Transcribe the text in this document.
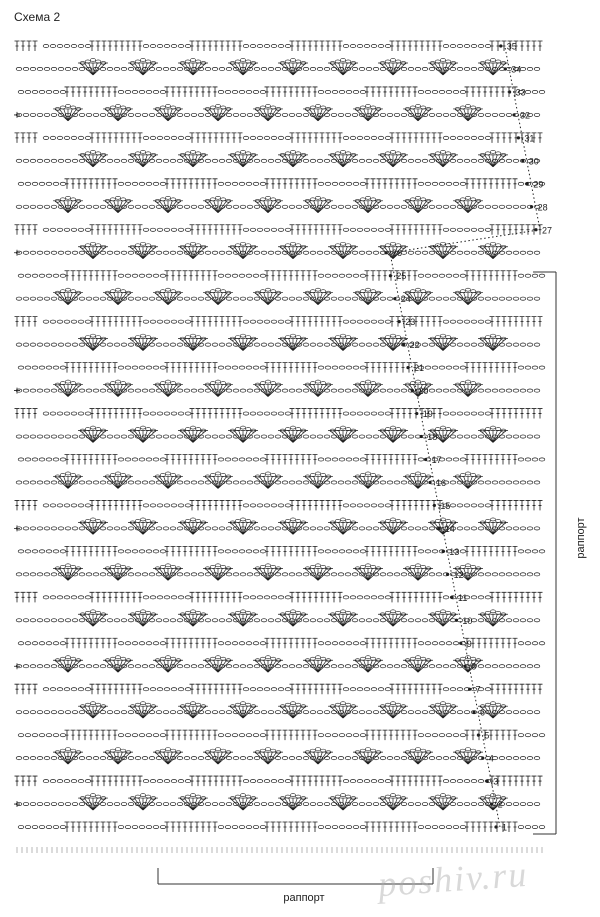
Схема 2
1
2
3
4
5
6
7
8
9
10
11
12
13
14
15
16
17
18
19
20
21
22
23
24
25
26
27
28
29
30
31
32
33
34
35
раппорт
раппорт poshiv.ru
